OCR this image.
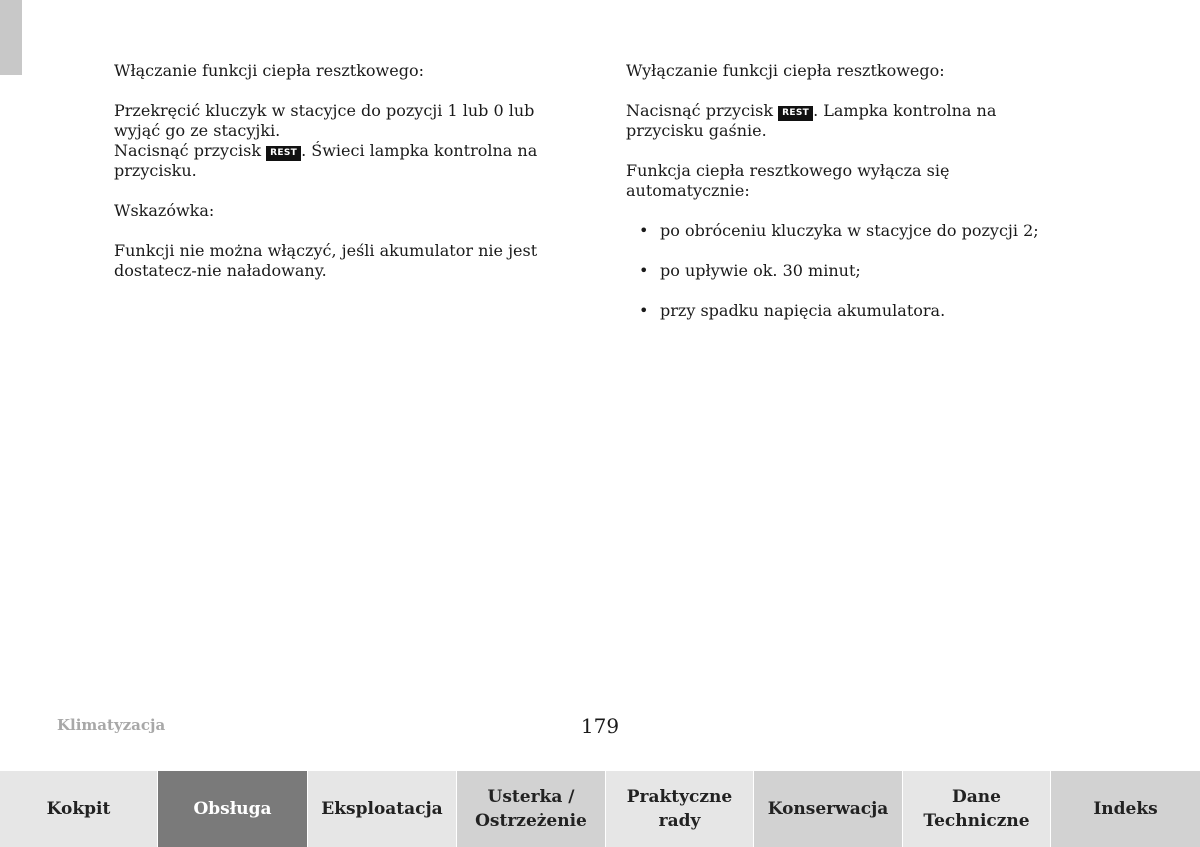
Włączanie funkcji ciepła resztkowego:

Przekręcić kluczyk w stacyjce do pozycji 1 lub 0 lub wyjąć go ze stacyjki.

Nacisnąć przycisk REST . Świeci lampka kontrolna na przycisku.

Wskazówka:

Funkcji nie można włączyć, jeśli akumulator nie jest dostatecz-nie naładowany.

Wyłączanie funkcji ciepła resztkowego:

Nacisnąć przycisk REST . Lampka kontrolna na przycisku gaśnie.

Funkcja ciepła resztkowego wyłącza się automatycznie:

• po obróceniu kluczyka w stacyjce do pozycji 2;
• po upływie ok. 30 minut;
• przy spadku napięcia akumulatora.
Klimatyzacja	179
Kokpit	Obsługa	Eksploatacja
Usterka /
Ostrzeżenie
Praktyczne
rady
Konserwacja
Dane
Techniczne
Indeks
